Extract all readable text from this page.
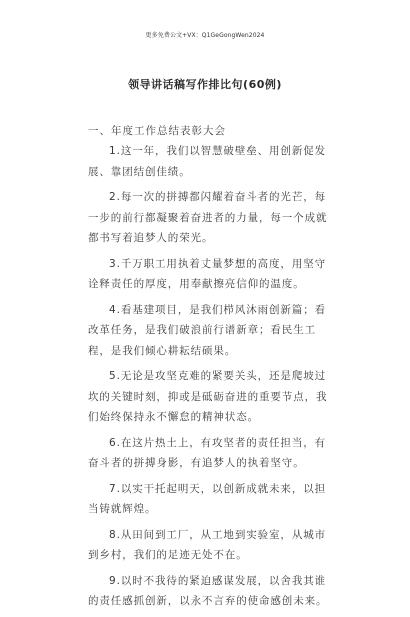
更多免费公文+VX：Q1GeGongWen2024
领导讲话稿写作排比句(60例)
一、年度工作总结表彰大会

1.这一年，我们以智慧破壁垒、用创新促发展、靠团结创佳绩。

2.每一次的拼搏都闪耀着奋斗者的光芒，每一步的前行都凝聚着奋进者的力量，每一个成就都书写着追梦人的荣光。

3.千万职工用执着丈量梦想的高度，用坚守诠释责任的厚度，用奉献擦亮信仰的温度。

4.看基建项目，是我们栉风沐雨创新篇；看改革任务，是我们破浪前行谱新章；看民生工程，是我们倾心耕耘结硕果。

5.无论是攻坚克难的紧要关头，还是爬坡过坎的关键时刻，抑或是砥砺奋进的重要节点，我们始终保持永不懈怠的精神状态。

6.在这片热土上，有攻坚者的责任担当，有奋斗者的拼搏身影，有追梦人的执着坚守。

7.以实干托起明天，以创新成就未来，以担当铸就辉煌。

8.从田间到工厂，从工地到实验室，从城市到乡村，我们的足迹无处不在。

9.以时不我待的紧迫感谋发展，以舍我其谁的责任感抓创新，以永不言弃的使命感创未来。
